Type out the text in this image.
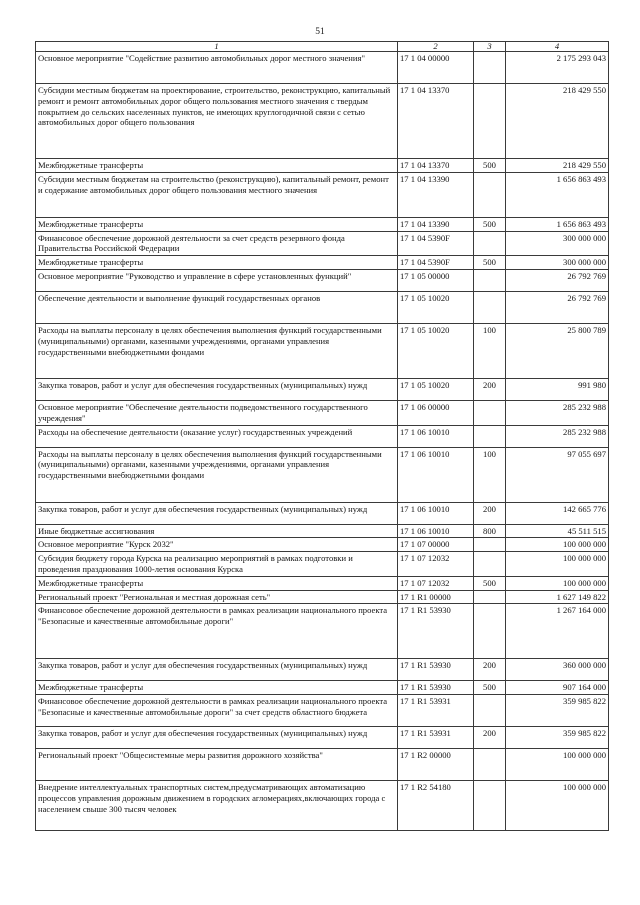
51
1	2	3	4
Основное мероприятие "Содействие развитию автомобильных дорог местного значения"	17 1 04 00000		2 175 293 043
Субсидии местным бюджетам на проектирование, строительство, реконструкцию, капитальный ремонт и ремонт автомобильных дорог общего пользования местного значения с твердым покрытием до сельских населенных пунктов, не имеющих круглогодичной связи с сетью автомобильных дорог общего пользования	17 1 04 13370		218 429 550
Межбюджетные трансферты	17 1 04 13370	500	218 429 550
Субсидии местным бюджетам на строительство (реконструкцию), капитальный ремонт, ремонт и содержание автомобильных дорог общего пользования местного значения	17 1 04 13390		1 656 863 493
Межбюджетные трансферты	17 1 04 13390	500	1 656 863 493
Финансовое обеспечение дорожной деятельности за счет средств резервного фонда Правительства Российской Федерации	17 1 04 5390F		300 000 000
Межбюджетные трансферты	17 1 04 5390F	500	300 000 000
Основное мероприятие "Руководство и управление в сфере установленных функций"	17 1 05 00000		26 792 769
Обеспечение деятельности и выполнение функций государственных органов	17 1 05 10020		26 792 769
Расходы на выплаты персоналу в целях обеспечения выполнения функций государственными (муниципальными) органами, казенными учреждениями, органами управления государственными внебюджетными фондами	17 1 05 10020	100	25 800 789
Закупка товаров, работ и услуг для обеспечения государственных (муниципальных) нужд	17 1 05 10020	200	991 980
Основное мероприятие "Обеспечение деятельности подведомственного государственного учреждения"	17 1 06 00000		285 232 988
Расходы на обеспечение деятельности (оказание услуг) государственных учреждений	17 1 06 10010		285 232 988
Расходы на выплаты персоналу в целях обеспечения выполнения функций государственными (муниципальными) органами, казенными учреждениями, органами управления государственными внебюджетными фондами	17 1 06 10010	100	97 055 697
Закупка товаров, работ и услуг для обеспечения государственных (муниципальных) нужд	17 1 06 10010	200	142 665 776
Иные бюджетные ассигнования	17 1 06 10010	800	45 511 515
Основное мероприятие "Курск 2032"	17 1 07 00000		100 000 000
Субсидия бюджету города Курска на реализацию мероприятий в рамках подготовки и проведения празднования 1000-летия основания Курска	17 1 07 12032		100 000 000
Межбюджетные трансферты	17 1 07 12032	500	100 000 000
Региональный проект "Региональная и местная дорожная сеть"	17 1 R1 00000		1 627 149 822
Финансовое обеспечение дорожной деятельности в рамках реализации национального проекта "Безопасные и качественные автомобильные дороги"	17 1 R1 53930		1 267 164 000
Закупка товаров, работ и услуг для обеспечения государственных (муниципальных) нужд	17 1 R1 53930	200	360 000 000
Межбюджетные трансферты	17 1 R1 53930	500	907 164 000
Финансовое обеспечение дорожной деятельности в рамках реализации национального проекта "Безопасные и качественные автомобильные дороги" за счет средств областного бюджета	17 1 R1 53931		359 985 822
Закупка товаров, работ и услуг для обеспечения государственных (муниципальных) нужд	17 1 R1 53931	200	359 985 822
Региональный проект "Общесистемные меры развития дорожного хозяйства"	17 1 R2 00000		100 000 000
Внедрение интеллектуальных транспортных систем,предусматривающих автоматизацию процессов управления дорожным движением в городских агломерациях,включающих города с населением свыше 300 тысяч человек	17 1 R2 54180		100 000 000
